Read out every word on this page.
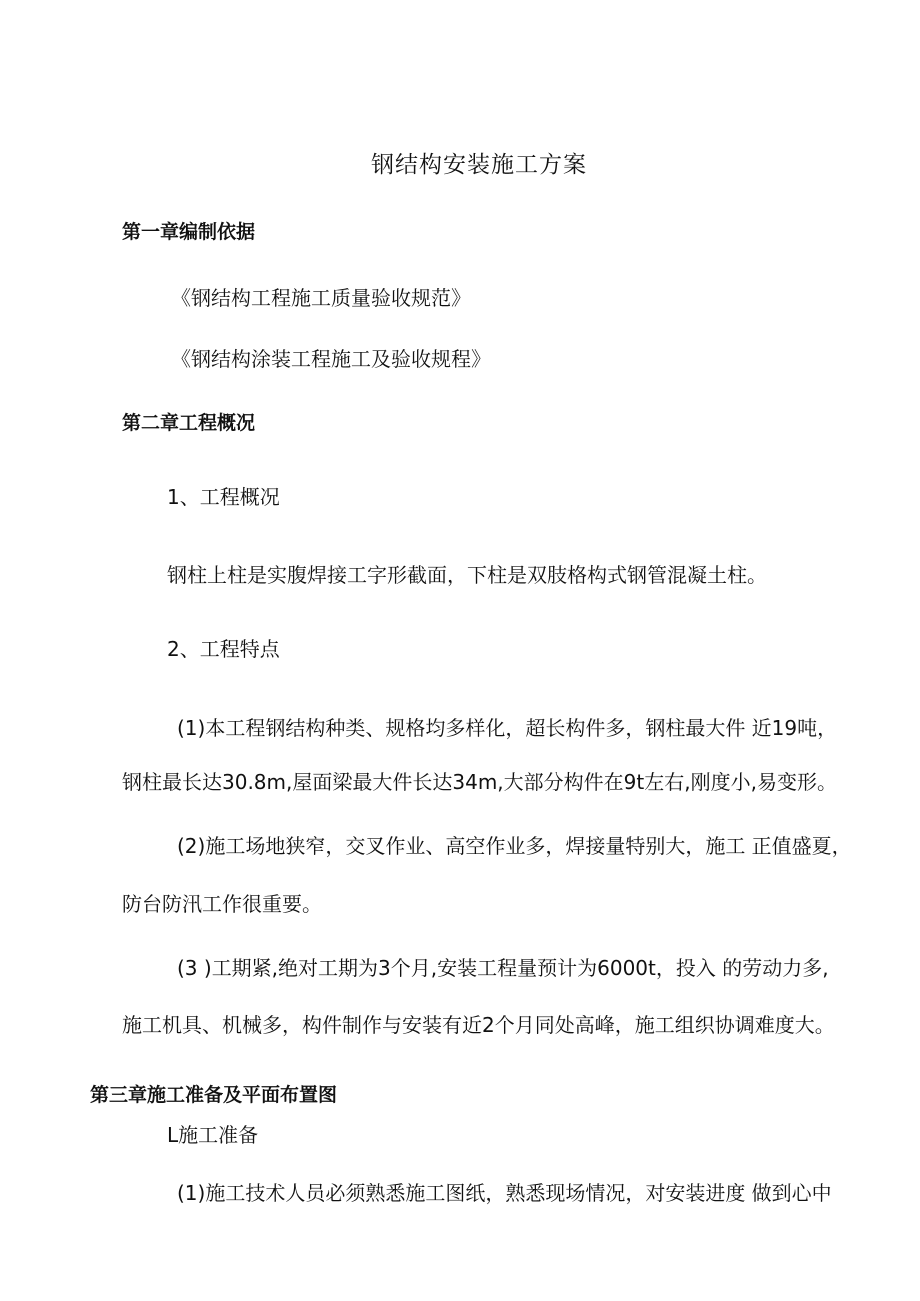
钢结构安装施工方案
第一章编制依据
《钢结构工程施工质量验收规范》
《钢结构涂装工程施工及验收规程》
第二章工程概况
1、工程概况
钢柱上柱是实腹焊接工字形截面，下柱是双肢格构式钢管混凝土柱。
2、工程特点
(1)本工程钢结构种类、规格均多样化，超长构件多，钢柱最大件 近19吨，
钢柱最长达30.8m,屋面梁最大件长达34m,大部分构件在9t左右,刚度小,易变形。
(2)施工场地狭窄，交叉作业、高空作业多，焊接量特别大，施工 正值盛夏，
防台防汛工作很重要。
(3 )工期紧,绝对工期为3个月,安装工程量预计为6000t，投入 的劳动力多,
施工机具、机械多，构件制作与安装有近2个月同处高峰，施工组织协调难度大。
第三章施工准备及平面布置图
L施工准备
(1)施工技术人员必须熟悉施工图纸，熟悉现场情况，对安装进度 做到心中
